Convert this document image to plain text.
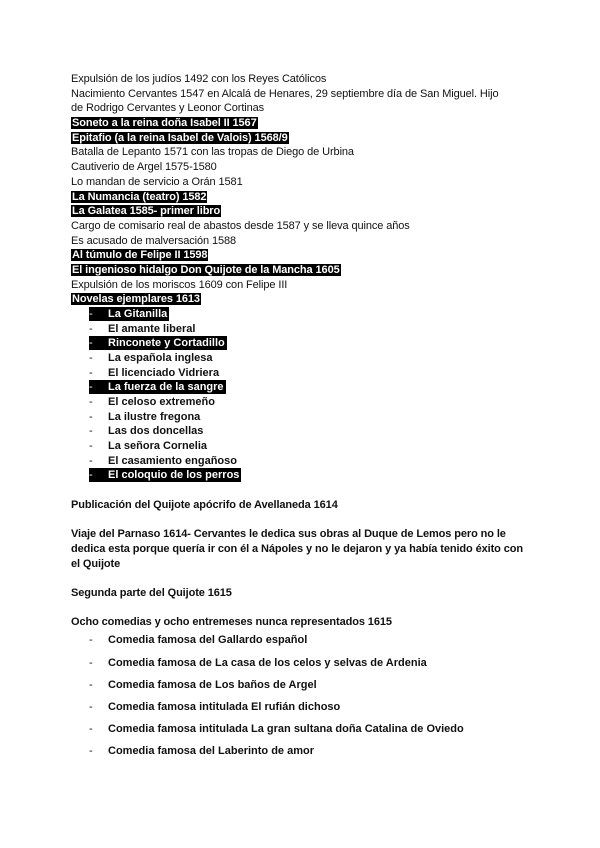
Expulsión de los judíos 1492 con los Reyes Católicos
Nacimiento Cervantes 1547 en Alcalá de Henares, 29 septiembre día de San Miguel. Hijo
de Rodrigo Cervantes y Leonor Cortinas
Soneto a la reina doña Isabel II 1567
Epitafio (a la reina Isabel de Valois) 1568/9
Batalla de Lepanto 1571 con las tropas de Diego de Urbina
Cautiverio de Argel 1575-1580
Lo mandan de servicio a Orán 1581
La Numancia (teatro) 1582
La Galatea 1585- primer libro
Cargo de comisario real de abastos desde 1587 y se lleva quince años
Es acusado de malversación 1588
Al túmulo de Felipe II 1598
El ingenioso hidalgo Don Quijote de la Mancha 1605
Expulsión de los moriscos 1609 con Felipe III
Novelas ejemplares 1613
- La Gitanilla
- El amante liberal
- Rinconete y Cortadillo
- La española inglesa
- El licenciado Vidriera
- La fuerza de la sangre
- El celoso extremeño
- La ilustre fregona
- Las dos doncellas
- La señora Cornelia
- El casamiento engañoso
- El coloquio de los perros
Publicación del Quijote apócrifo de Avellaneda 1614
Viaje del Parnaso 1614- Cervantes le dedica sus obras al Duque de Lemos pero no le dedica esta porque quería ir con él a Nápoles y no le dejaron y ya había tenido éxito con el Quijote
Segunda parte del Quijote 1615
Ocho comedias y ocho entremeses nunca representados 1615
- Comedia famosa del Gallardo español
- Comedia famosa de La casa de los celos y selvas de Ardenia
- Comedia famosa de Los baños de Argel
- Comedia famosa intitulada El rufián dichoso
- Comedia famosa intitulada La gran sultana doña Catalina de Oviedo
- Comedia famosa del Laberinto de amor
